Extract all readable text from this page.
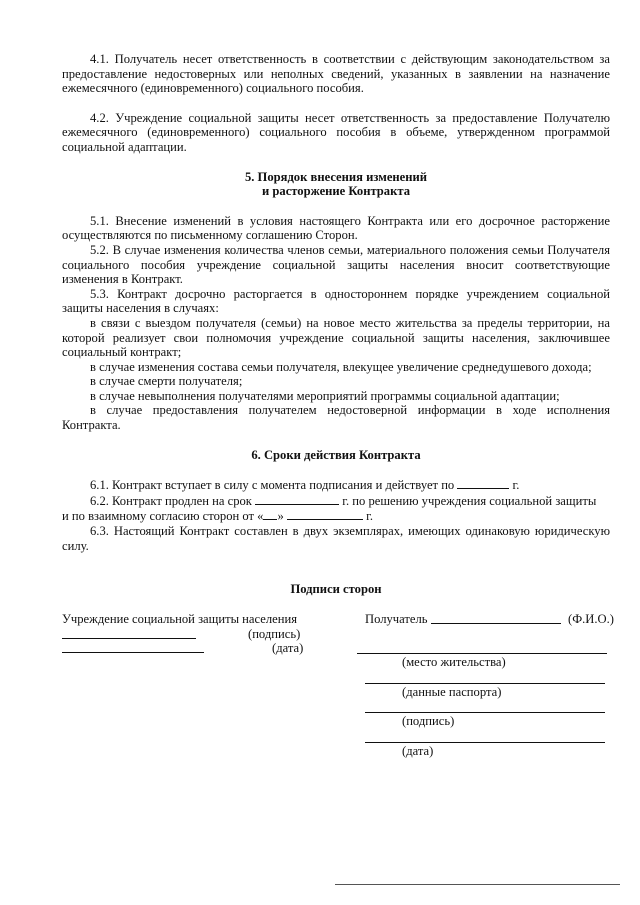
4.1. Получатель несет ответственность в соответствии с действующим законодательством за предоставление недостоверных или неполных сведений, указанных в заявлении на назначение ежемесячного (единовременного) социального пособия.

4.2. Учреждение социальной защиты несет ответственность за предоставление Получателю ежемесячного (единовременного) социального пособия в объеме, утвержденном программой социальной адаптации.

5. Порядок внесения изменений

и расторжение Контракта

5.1. Внесение изменений в условия настоящего Контракта или его досрочное расторжение осуществляются по письменному соглашению Сторон.

5.2. В случае изменения количества членов семьи, материального положения семьи Получателя социального пособия учреждение социальной защиты населения вносит соответствующие изменения в Контракт.

5.3. Контракт досрочно расторгается в одностороннем порядке учреждением социальной защиты населения в случаях:

в связи с выездом получателя (семьи) на новое место жительства за пределы территории, на которой реализует свои полномочия учреждение социальной защиты населения, заключившее социальный контракт;

в случае изменения состава семьи получателя, влекущее увеличение среднедушевого дохода;

в случае смерти получателя;

в случае невыполнения получателями мероприятий программы социальной адаптации;

в случае предоставления получателем недостоверной информации в ходе исполнения Контракта.

6. Сроки действия Контракта

6.1. Контракт вступает в силу с момента подписания и действует по	г.

6.2. Контракт продлен на срок	г. по решению учреждения социальной защиты

и по взаимному согласию сторон от « »	г.

6.3. Настоящий Контракт составлен в двух экземплярах, имеющих одинаковую юридическую силу.

Подписи сторон

Учреждение социальной защиты населения
(подпись)
(дата)
Получатель	(Ф.И.О.)
(место жительства)
(данные паспорта)
(подпись)
(дата)
